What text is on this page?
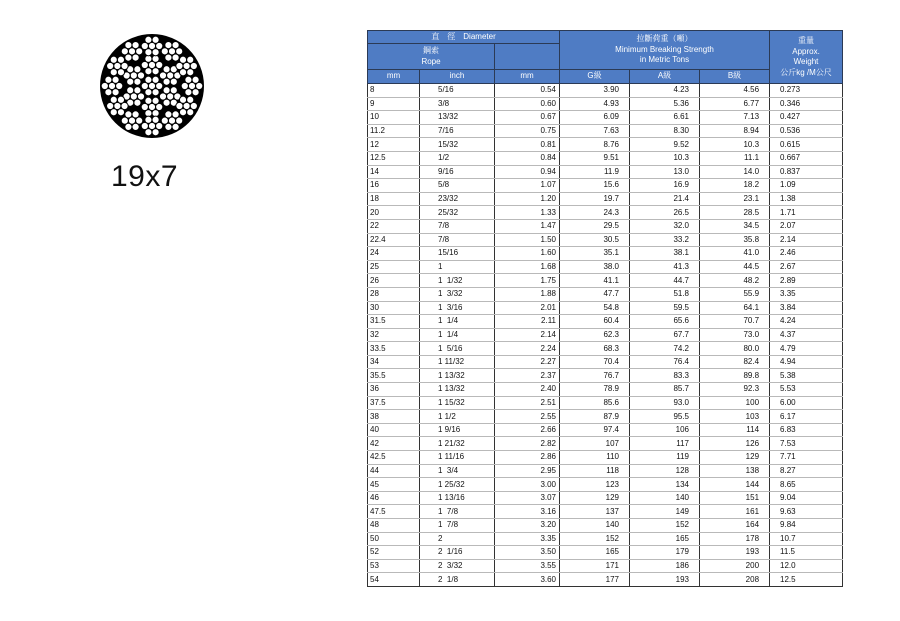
19x7
直　徑　Diameter			拉斷荷重（噸）
Minimum Breaking Strength
in Metric Tons			重量
Approx.
Weight
公斤kg /M公尺
鋼索
Rope						

mm	inch	mm	G級	A級	B級	
8	5/16	0.54	3.90	4.23	4.56	0.273
9	3/8	0.60	4.93	5.36	6.77	0.346
10	13/32	0.67	6.09	6.61	7.13	0.427
11.2	7/16	0.75	7.63	8.30	8.94	0.536
12	15/32	0.81	8.76	9.52	10.3	0.615
12.5	1/2	0.84	9.51	10.3	11.1	0.667
14	9/16	0.94	11.9	13.0	14.0	0.837
16	5/8	1.07	15.6	16.9	18.2	1.09
18	23/32	1.20	19.7	21.4	23.1	1.38
20	25/32	1.33	24.3	26.5	28.5	1.71
22	7/8	1.47	29.5	32.0	34.5	2.07
22.4	7/8	1.50	30.5	33.2	35.8	2.14
24	15/16	1.60	35.1	38.1	41.0	2.46
25	1	1.68	38.0	41.3	44.5	2.67
26	1  1/32	1.75	41.1	44.7	48.2	2.89
28	1  3/32	1.88	47.7	51.8	55.9	3.35
30	1  3/16	2.01	54.8	59.5	64.1	3.84
31.5	1  1/4	2.11	60.4	65.6	70.7	4.24
32	1  1/4	2.14	62.3	67.7	73.0	4.37
33.5	1  5/16	2.24	68.3	74.2	80.0	4.79
34	1 11/32	2.27	70.4	76.4	82.4	4.94
35.5	1 13/32	2.37	76.7	83.3	89.8	5.38
36	1 13/32	2.40	78.9	85.7	92.3	5.53
37.5	1 15/32	2.51	85.6	93.0	100	6.00
38	1 1/2	2.55	87.9	95.5	103	6.17
40	1 9/16	2.66	97.4	106	114	6.83
42	1 21/32	2.82	107	117	126	7.53
42.5	1 11/16	2.86	110	119	129	7.71
44	1  3/4	2.95	118	128	138	8.27
45	1 25/32	3.00	123	134	144	8.65
46	1 13/16	3.07	129	140	151	9.04
47.5	1  7/8	3.16	137	149	161	9.63
48	1  7/8	3.20	140	152	164	9.84
50	2	3.35	152	165	178	10.7
52	2  1/16	3.50	165	179	193	11.5
53	2  3/32	3.55	171	186	200	12.0
54	2  1/8	3.60	177	193	208	12.5
